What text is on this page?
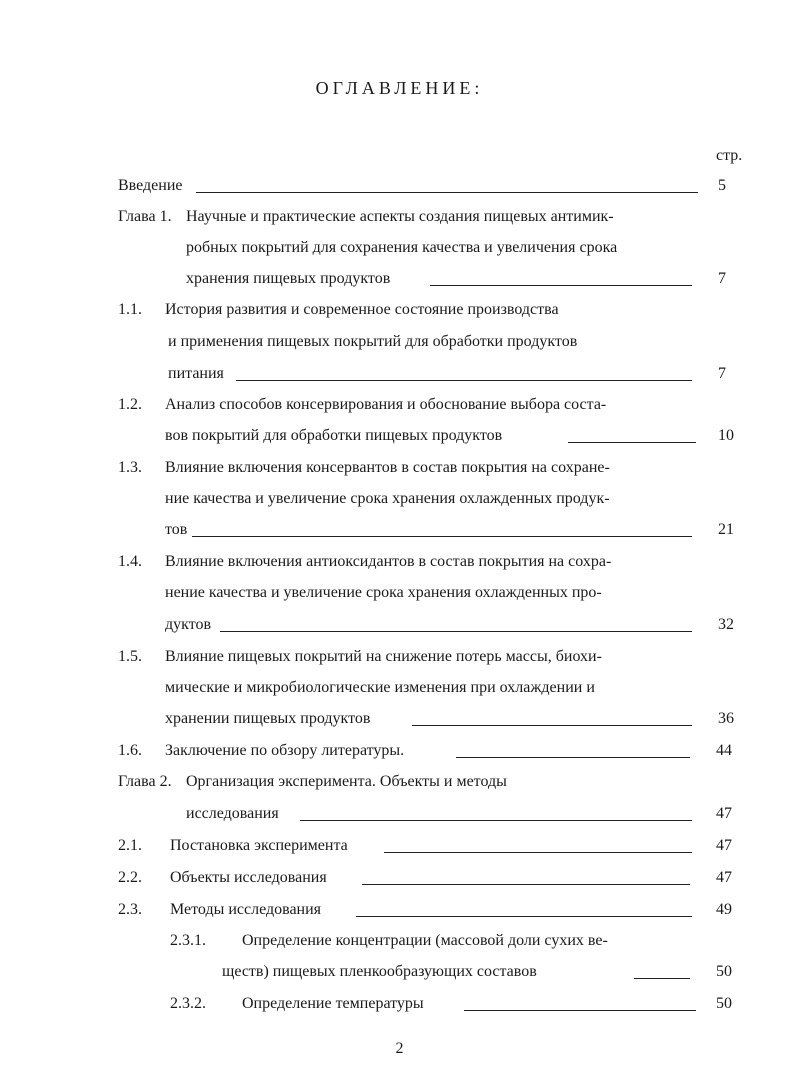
ОГЛАВЛЕНИЕ:
стр.
Введение	5
Глава 1. Научные и практические аспекты создания пищевых антимик-
робных покрытий для сохранения качества и увеличения срока
хранения пищевых продуктов	7
1.1. История развития и современное состояние производства
и применения пищевых покрытий для обработки продуктов
питания	7
1.2. Анализ способов консервирования и обоснование выбора соста-
вов покрытий для обработки пищевых продуктов	10
1.3. Влияние включения консервантов в состав покрытия на сохране-
ние качества и увеличение срока хранения охлажденных продук-
тов	21
1.4. Влияние включения антиоксидантов в состав покрытия на сохра-
нение качества и увеличение срока хранения охлажденных про-
дуктов	32
1.5. Влияние пищевых покрытий на снижение потерь массы, биохи-
мические и микробиологические изменения при охлаждении и
хранении пищевых продуктов	36
1.6. Заключение по обзору литературы.	44
Глава 2. Организация эксперимента. Объекты и методы
исследования	47
2.1. Постановка эксперимента	47
2.2. Объекты исследования	47
2.3. Методы исследования	49
2.3.1. Определение концентрации (массовой доли сухих ве-
ществ) пищевых пленкообразующих составов	50
2.3.2. Определение температуры	50
2
